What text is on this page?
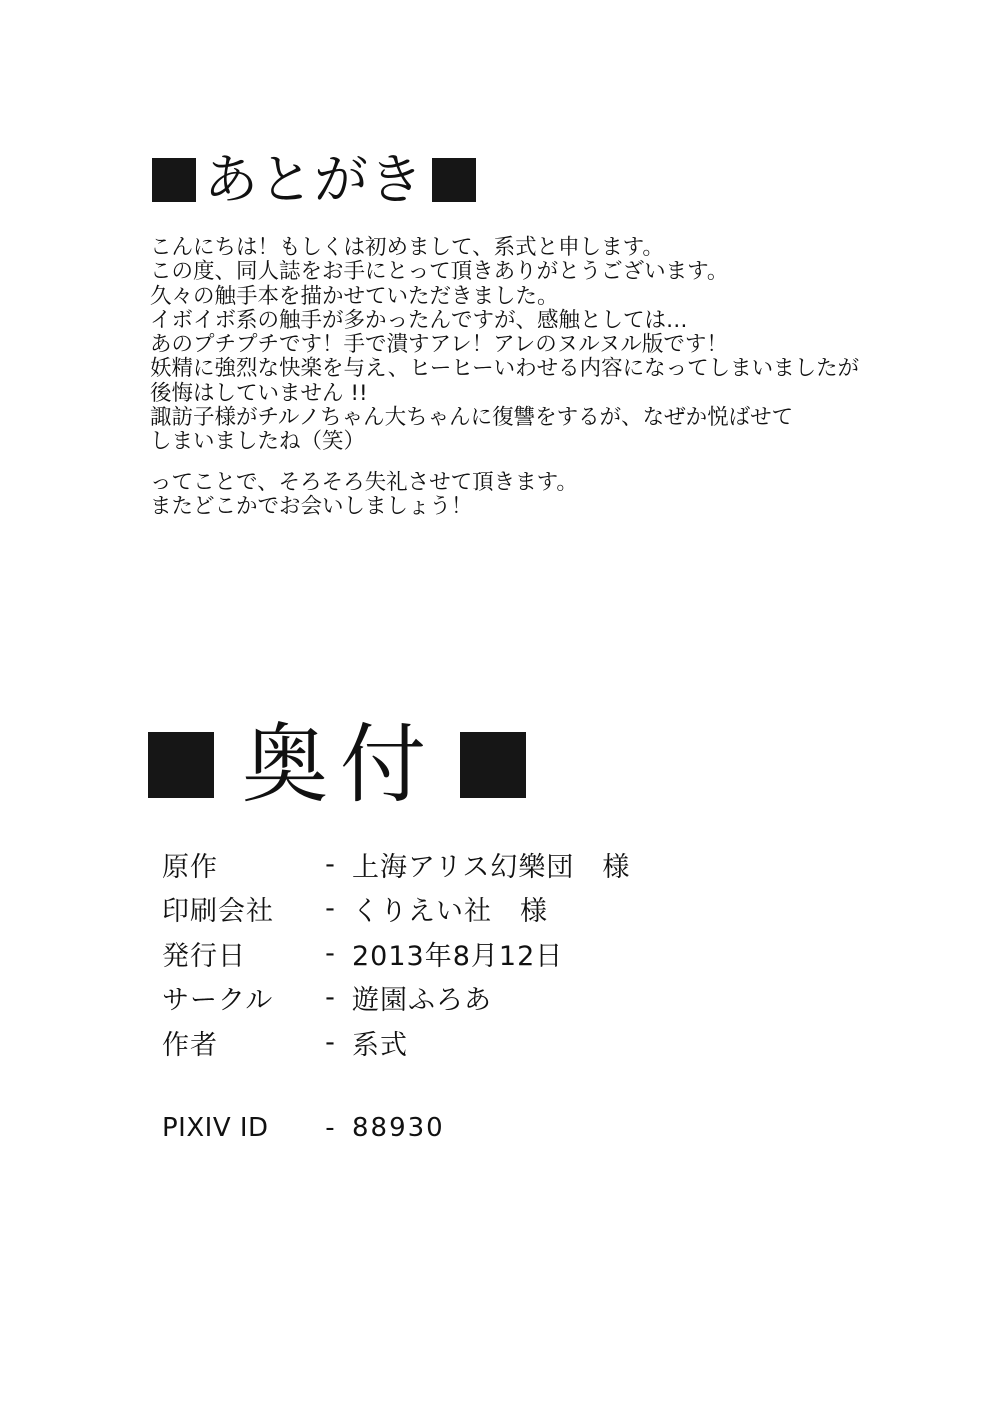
あとがき
こんにちは！もしくは初めまして、系式と申します。
この度、同人誌をお手にとって頂きありがとうございます。
久々の触手本を描かせていただきました。
イボイボ系の触手が多かったんですが、感触としては…
あのプチプチです！手で潰すアレ！アレのヌルヌル版です！
妖精に強烈な快楽を与え、ヒーヒーいわせる内容になってしまいましたが
後悔はしていません !!
諏訪子様がチルノちゃん大ちゃんに復讐をするが、なぜか悦ばせて
しまいましたね（笑）
ってことで、そろそろ失礼させて頂きます。
またどこかでお会いしましょう！
奥付
原作	- 上海アリス幻樂団　様
印刷会社	- くりえい社　様
発行日	- 2013年8月12日
サークル	- 遊園ふろあ
作者	- 系式
PIXIV ID	- 88930
